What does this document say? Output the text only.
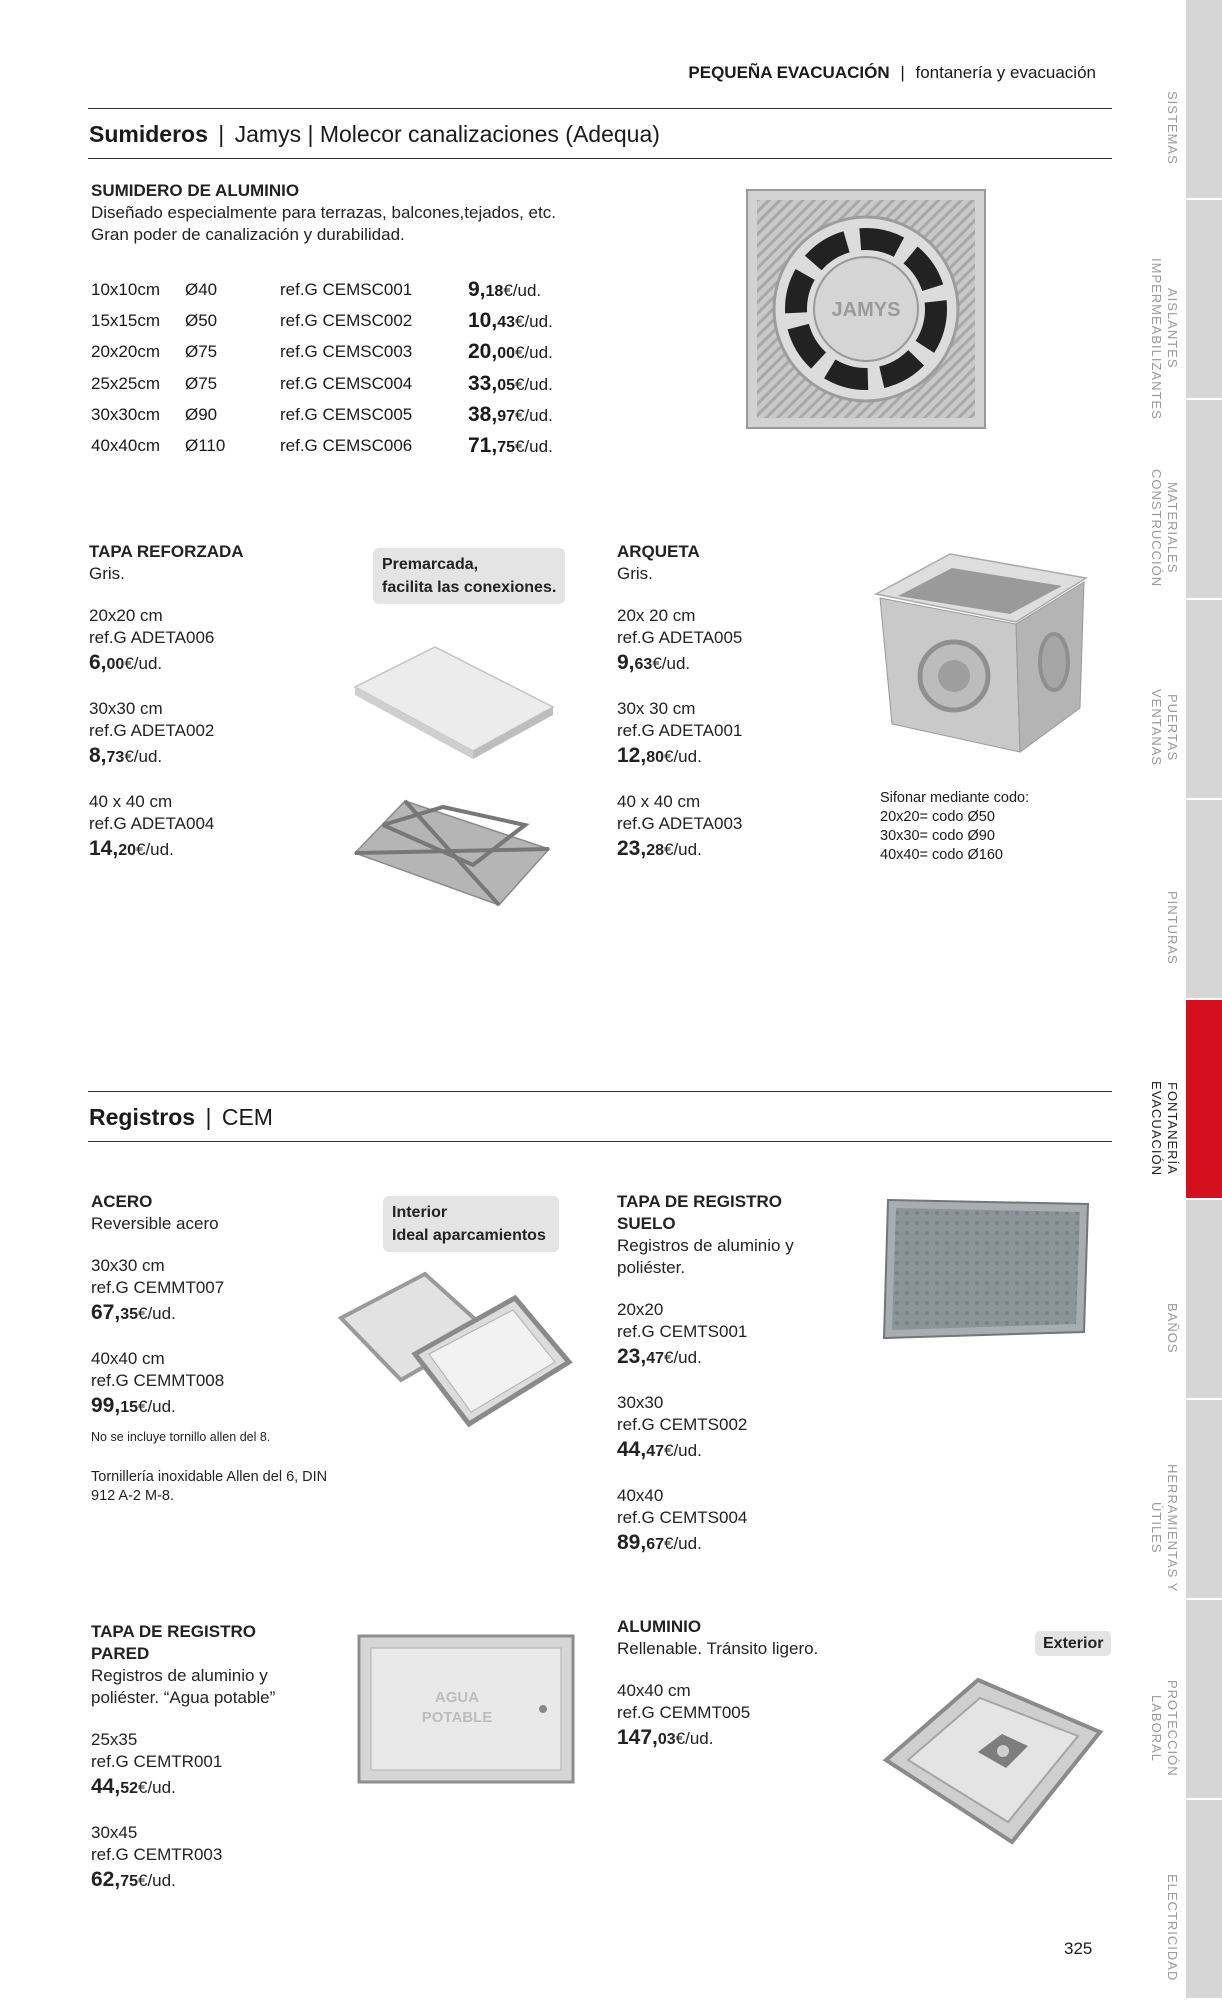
PEQUEÑA EVACUACIÓN | fontanería y evacuación
Sumideros | Jamys | Molecor canalizaciones (Adequa)
SUMIDERO DE ALUMINIO
Diseñado especialmente para terrazas, balcones,tejados, etc.
Gran poder de canalización y durabilidad.
10x10cm	Ø40	ref.G CEMSC001	9,18€/ud.
15x15cm	Ø50	ref.G CEMSC002	10,43€/ud.
20x20cm	Ø75	ref.G CEMSC003	20,00€/ud.
25x25cm	Ø75	ref.G CEMSC004	33,05€/ud.
30x30cm	Ø90	ref.G CEMSC005	38,97€/ud.
40x40cm	Ø110	ref.G CEMSC006	71,75€/ud.
JAMYS
TAPA REFORZADA
Gris.
20x20 cm
ref.G ADETA006
6,00€/ud.
30x30 cm
ref.G ADETA002
8,73€/ud.
40 x 40 cm
ref.G ADETA004
14,20€/ud.
Premarcada,
facilita las conexiones.
ARQUETA
Gris.
20x 20 cm
ref.G ADETA005
9,63€/ud.
30x 30 cm
ref.G ADETA001
12,80€/ud.
40 x 40 cm
ref.G ADETA003
23,28€/ud.
Sifonar mediante codo:
20x20= codo Ø50
30x30= codo Ø90
40x40= codo Ø160
Registros | CEM
ACERO
Reversible acero
30x30 cm
ref.G CEMMT007
67,35€/ud.
40x40 cm
ref.G CEMMT008
99,15€/ud.
No se incluye tornillo allen del 8.
Tornillería inoxidable Allen del 6, DIN
912 A-2 M-8.
Interior
Ideal aparcamientos
TAPA DE REGISTRO
SUELO
Registros de aluminio y
poliéster.
20x20
ref.G CEMTS001
23,47€/ud.
30x30
ref.G CEMTS002
44,47€/ud.
40x40
ref.G CEMTS004
89,67€/ud.
TAPA DE REGISTRO
PARED
Registros de aluminio y
poliéster. “Agua potable”
25x35
ref.G CEMTR001
44,52€/ud.
30x45
ref.G CEMTR003
62,75€/ud.
AGUA
POTABLE
ALUMINIO
Rellenable. Tránsito ligero.
40x40 cm
ref.G CEMMT005
147,03€/ud.
Exterior
325
SISTEMAS
AISLANTES IMPERMEABILIZANTES
MATERIALES CONSTRUCCIÓN
PUERTAS VENTANAS
PINTURAS
FONTANERÍA EVACUACIÓN
BAÑOS
HERRAMIENTAS Y ÚTILES
PROTECCIÓN LABORAL
ELECTRICIDAD
